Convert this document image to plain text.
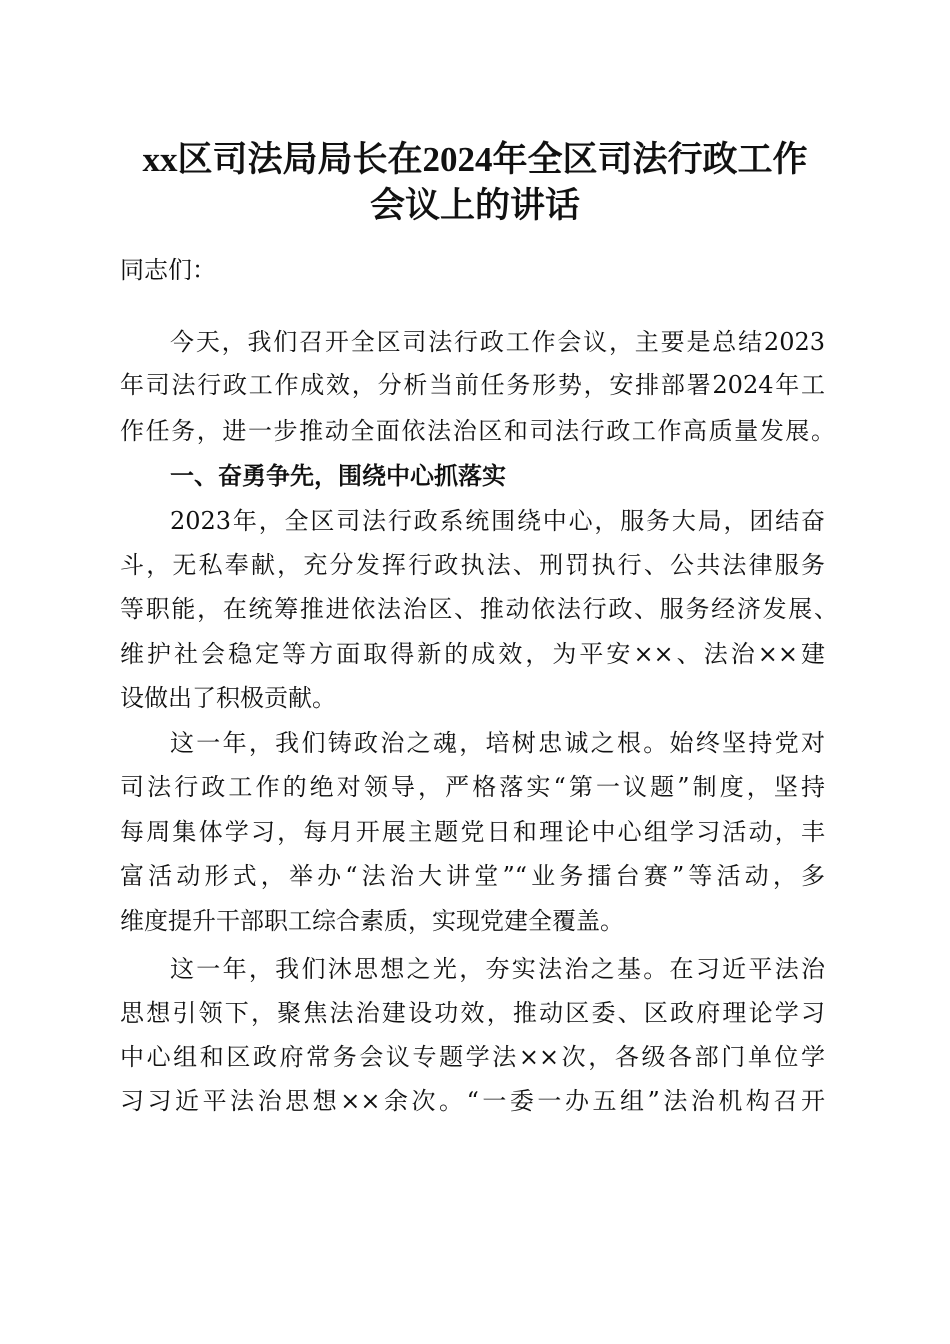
xx区司法局局长在2024年全区司法行政工作
会议上的讲话
同志们：
今天，我们召开全区司法行政工作会议，主要是总结2023
年司法行政工作成效，分析当前任务形势，安排部署2024年工
作任务，进一步推动全面依法治区和司法行政工作高质量发展。
一、奋勇争先，围绕中心抓落实
2023年，全区司法行政系统围绕中心，服务大局，团结奋
斗，无私奉献，充分发挥行政执法、刑罚执行、公共法律服务
等职能，在统筹推进依法治区、推动依法行政、服务经济发展、
维护社会稳定等方面取得新的成效，为平安××、法治××建
设做出了积极贡献。
这一年，我们铸政治之魂，培树忠诚之根。始终坚持党对
司法行政工作的绝对领导，严格落实“第一议题”制度，坚持
每周集体学习，每月开展主题党日和理论中心组学习活动，丰
富活动形式，举办“法治大讲堂”“业务擂台赛”等活动，多
维度提升干部职工综合素质，实现党建全覆盖。
这一年，我们沐思想之光，夯实法治之基。在习近平法治
思想引领下，聚焦法治建设功效，推动区委、区政府理论学习
中心组和区政府常务会议专题学法××次，各级各部门单位学
习习近平法治思想××余次。“一委一办五组”法治机构召开
